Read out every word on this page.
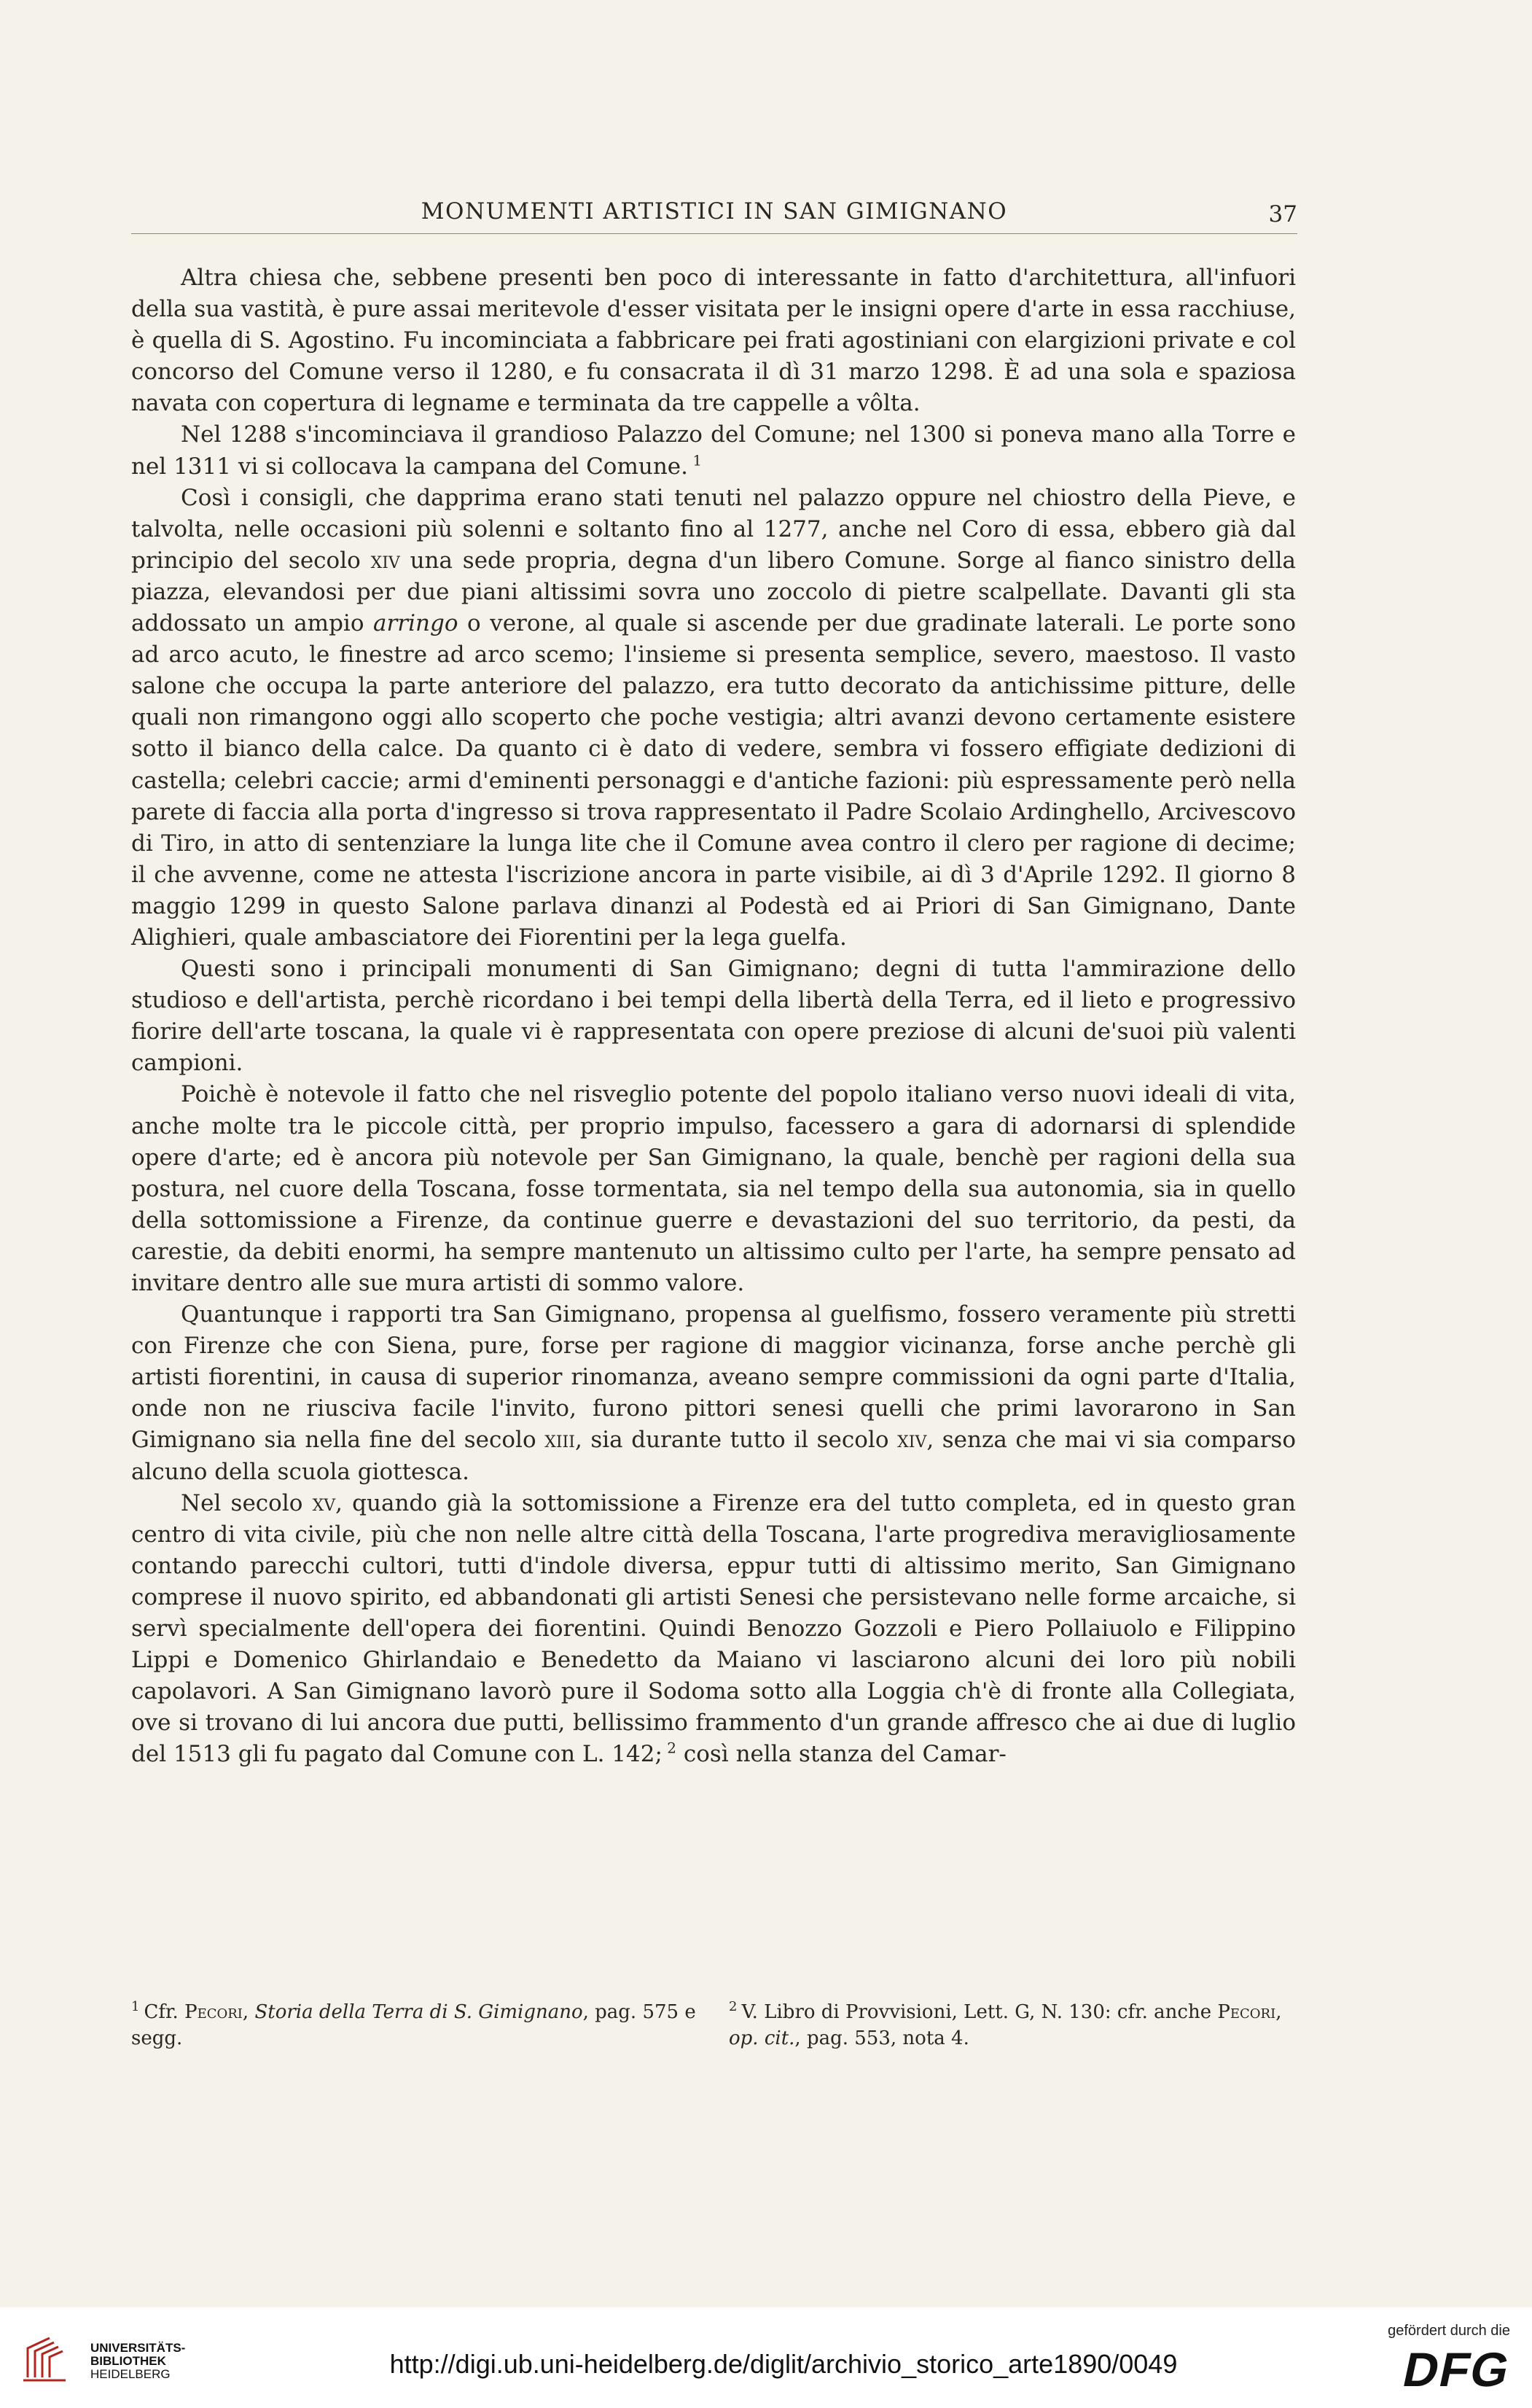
MONUMENTI ARTISTICI IN SAN GIMIGNANO	37

Altra chiesa che, sebbene presenti ben poco di interessante in fatto d'architettura, all'infuori della sua vastità, è pure assai meritevole d'esser visitata per le insigni opere d'arte in essa racchiuse, è quella di S. Agostino. Fu incominciata a fabbricare pei frati agostiniani con elargizioni private e col concorso del Comune verso il 1280, e fu consacrata il dì 31 marzo 1298. È ad una sola e spaziosa navata con copertura di legname e terminata da tre cappelle a vôlta.

Nel 1288 s'incominciava il grandioso Palazzo del Comune; nel 1300 si poneva mano alla Torre e nel 1311 vi si collocava la campana del Comune. $^1$

Così i consigli, che dapprima erano stati tenuti nel palazzo oppure nel chiostro della Pieve, e talvolta, nelle occasioni più solenni e soltanto fino al 1277, anche nel Coro di essa, ebbero già dal principio del secolo xiv una sede propria, degna d'un libero Comune. Sorge al fianco sinistro della piazza, elevandosi per due piani altissimi sovra uno zoccolo di pietre scalpellate. Davanti gli sta addossato un ampio arringo o verone, al quale si ascende per due gradinate laterali. Le porte sono ad arco acuto, le finestre ad arco scemo; l'insieme si presenta semplice, severo, maestoso. Il vasto salone che occupa la parte anteriore del palazzo, era tutto decorato da antichissime pitture, delle quali non rimangono oggi allo scoperto che poche vestigia; altri avanzi devono certamente esistere sotto il bianco della calce. Da quanto ci è dato di vedere, sembra vi fossero effigiate dedizioni di castella; celebri caccie; armi d'eminenti personaggi e d'antiche fazioni: più espressamente però nella parete di faccia alla porta d'ingresso si trova rappresentato il Padre Scolaio Ardinghello, Arcivescovo di Tiro, in atto di sentenziare la lunga lite che il Comune avea contro il clero per ragione di decime; il che avvenne, come ne attesta l'iscrizione ancora in parte visibile, ai dì 3 d'Aprile 1292. Il giorno 8 maggio 1299 in questo Salone parlava dinanzi al Podestà ed ai Priori di San Gimignano, Dante Alighieri, quale ambasciatore dei Fiorentini per la lega guelfa.

Questi sono i principali monumenti di San Gimignano; degni di tutta l'ammirazione dello studioso e dell'artista, perchè ricordano i bei tempi della libertà della Terra, ed il lieto e progressivo fiorire dell'arte toscana, la quale vi è rappresentata con opere preziose di alcuni de'suoi più valenti campioni.

Poichè è notevole il fatto che nel risveglio potente del popolo italiano verso nuovi ideali di vita, anche molte tra le piccole città, per proprio impulso, facessero a gara di adornarsi di splendide opere d'arte; ed è ancora più notevole per San Gimignano, la quale, benchè per ragioni della sua postura, nel cuore della Toscana, fosse tormentata, sia nel tempo della sua autonomia, sia in quello della sottomissione a Firenze, da continue guerre e devastazioni del suo territorio, da pesti, da carestie, da debiti enormi, ha sempre mantenuto un altissimo culto per l'arte, ha sempre pensato ad invitare dentro alle sue mura artisti di sommo valore.

Quantunque i rapporti tra San Gimignano, propensa al guelfismo, fossero veramente più stretti con Firenze che con Siena, pure, forse per ragione di maggior vicinanza, forse anche perchè gli artisti fiorentini, in causa di superior rinomanza, aveano sempre commissioni da ogni parte d'Italia, onde non ne riusciva facile l'invito, furono pittori senesi quelli che primi lavorarono in San Gimignano sia nella fine del secolo xiii, sia durante tutto il secolo xiv, senza che mai vi sia comparso alcuno della scuola giottesca.

Nel secolo xv, quando già la sottomissione a Firenze era del tutto completa, ed in questo gran centro di vita civile, più che non nelle altre città della Toscana, l'arte progrediva meravigliosamente contando parecchi cultori, tutti d'indole diversa, eppur tutti di altissimo merito, San Gimignano comprese il nuovo spirito, ed abbandonati gli artisti Senesi che persistevano nelle forme arcaiche, si servì specialmente dell'opera dei fiorentini. Quindi Benozzo Gozzoli e Piero Pollaiuolo e Filippino Lippi e Domenico Ghirlandaio e Benedetto da Maiano vi lasciarono alcuni dei loro più nobili capolavori. A San Gimignano lavorò pure il Sodoma sotto alla Loggia ch'è di fronte alla Collegiata, ove si trovano di lui ancora due putti, bellissimo frammento d'un grande affresco che ai due di luglio del 1513 gli fu pagato dal Comune con L. 142; $^2$ così nella stanza del Camar-

$^1$ Cfr. Pecori, Storia della Terra di S. Gimignano, pag. 575 e segg.
$^2$ V. Libro di Provvisioni, Lett. G, N. 130: cfr. anche Pecori, op. cit., pag. 553, nota 4.
UNIVERSITÄTS-
BIBLIOTHEK
HEIDELBERG	http://digi.ub.uni-heidelberg.de/diglit/archivio_storico_arte1890/0049
gefördert durch die
DFG
